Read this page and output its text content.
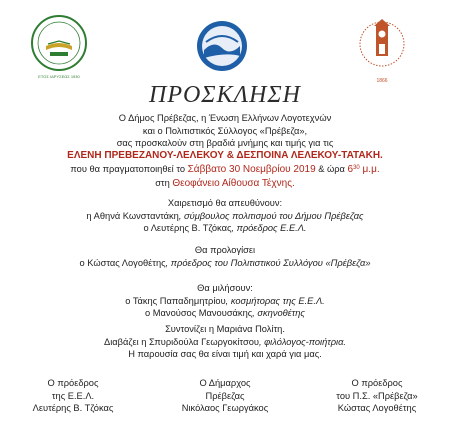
1866
ΕΤΟΣ ΙΔΡΥΣΕΩΣ 1930
ΠΡΟΣΚΛΗΣΗ
Ο Δήμος Πρέβεζας, η Ένωση Ελλήνων Λογοτεχνών
και ο Πολιτιστικός Σύλλογος «Πρέβεζα»,
σας προσκαλούν στη βραδιά μνήμης και τιμής για τις
ΕΛΕΝΗ ΠΡΕΒΕΖΑΝΟΥ-ΛΕΛΕΚΟΥ & ΔΕΣΠΟΙΝΑ ΛΕΛΕΚΟΥ-ΤΑΤΑΚΗ.
που θα πραγματοποιηθεί το Σάββατο 30 Νοεμβρίου 2019 & ώρα $6^{30}$ μ.μ.
στη Θεοφάνειο Αίθουσα Τέχνης.
Χαιρετισμό θα απευθύνουν:
η Αθηνά Κωνσταντάκη, σύμβουλος πολιτισμού του Δήμου Πρέβεζας
ο Λευτέρης Β. Τζόκας, πρόεδρος Ε.Ε.Λ.
Θα προλογίσει
ο Κώστας Λογοθέτης, πρόεδρος του Πολιτιστικού Συλλόγου «Πρέβεζα»
Θα μιλήσουν:
ο Τάκης Παπαδημητρίου, κοσμήτορας της Ε.Ε.Λ.
ο Μανούσος Μανουσάκης, σκηνοθέτης
Συντονίζει η Μαριάνα Πολίτη.
Διαβάζει η Σπυριδούλα Γεωργοκίτσου, φιλόλογος-ποιήτρια.
Η παρουσία σας θα είναι τιμή και χαρά για μας.
Ο πρόεδρος
της Ε.Ε.Λ.
Λευτέρης Β. Τζόκας
Ο Δήμαρχος
Πρέβεζας
Νικόλαος Γεωργάκος
Ο πρόεδρος
του Π.Σ. «Πρέβεζα»
Κώστας Λογοθέτης
